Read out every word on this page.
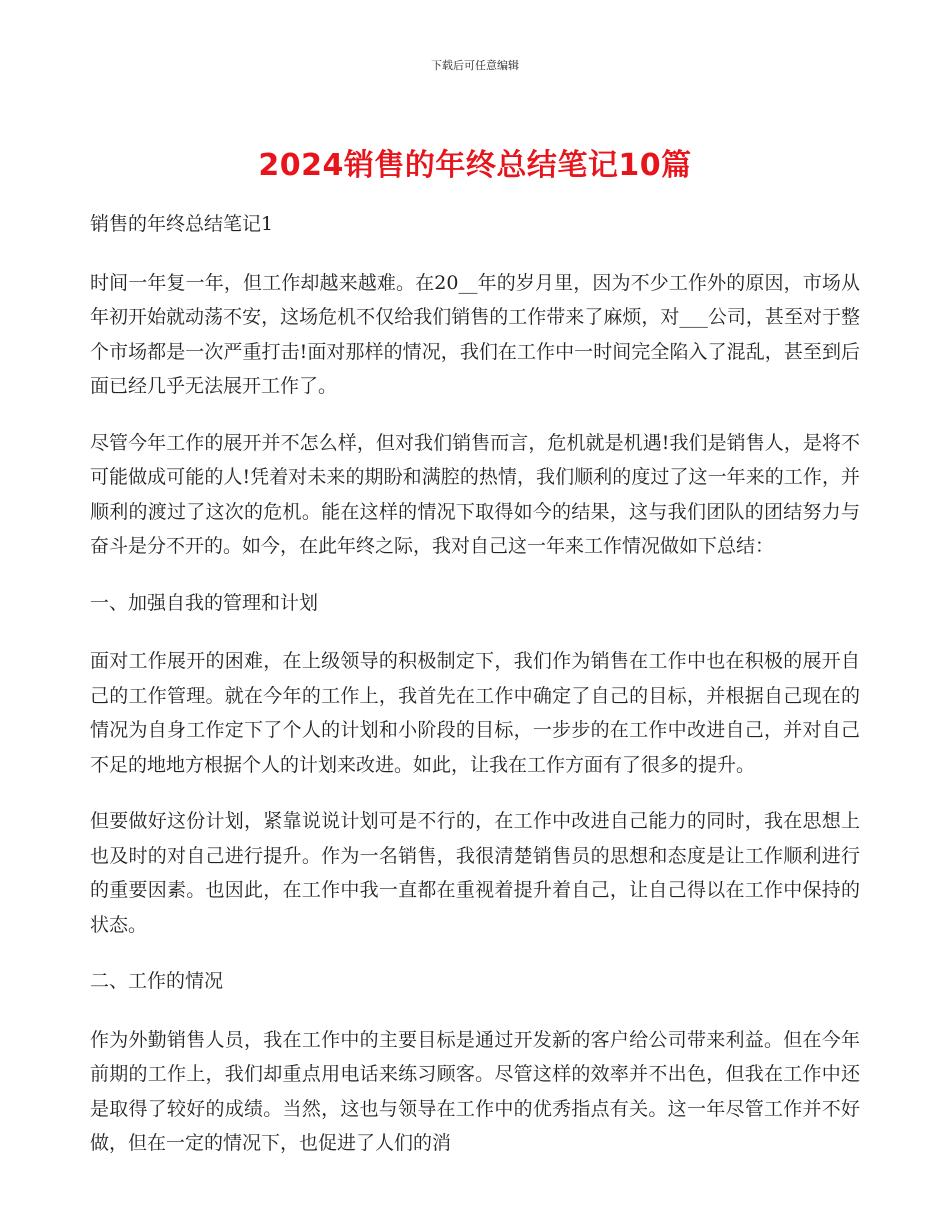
下载后可任意编辑
2024销售的年终总结笔记10篇

销售的年终总结笔记1

时间一年复一年，但工作却越来越难。在20__年的岁月里，因为不少工作外的原因，市场从年初开始就动荡不安，这场危机不仅给我们销售的工作带来了麻烦，对___公司，甚至对于整个市场都是一次严重打击!面对那样的情况，我们在工作中一时间完全陷入了混乱，甚至到后面已经几乎无法展开工作了。

尽管今年工作的展开并不怎么样，但对我们销售而言，危机就是机遇!我们是销售人，是将不可能做成可能的人!凭着对未来的期盼和满腔的热情，我们顺利的度过了这一年来的工作，并顺利的渡过了这次的危机。能在这样的情况下取得如今的结果，这与我们团队的团结努力与奋斗是分不开的。如今，在此年终之际，我对自己这一年来工作情况做如下总结：

一、加强自我的管理和计划

面对工作展开的困难，在上级领导的积极制定下，我们作为销售在工作中也在积极的展开自己的工作管理。就在今年的工作上，我首先在工作中确定了自己的目标，并根据自己现在的情况为自身工作定下了个人的计划和小阶段的目标，一步步的在工作中改进自己，并对自己不足的地地方根据个人的计划来改进。如此，让我在工作方面有了很多的提升。

但要做好这份计划，紧靠说说计划可是不行的，在工作中改进自己能力的同时，我在思想上也及时的对自己进行提升。作为一名销售，我很清楚销售员的思想和态度是让工作顺利进行的重要因素。也因此，在工作中我一直都在重视着提升着自己，让自己得以在工作中保持的状态。

二、工作的情况

作为外勤销售人员，我在工作中的主要目标是通过开发新的客户给公司带来利益。但在今年前期的工作上，我们却重点用电话来练习顾客。尽管这样的效率并不出色，但我在工作中还是取得了较好的成绩。当然，这也与领导在工作中的优秀指点有关。这一年尽管工作并不好做，但在一定的情况下，也促进了人们的消
